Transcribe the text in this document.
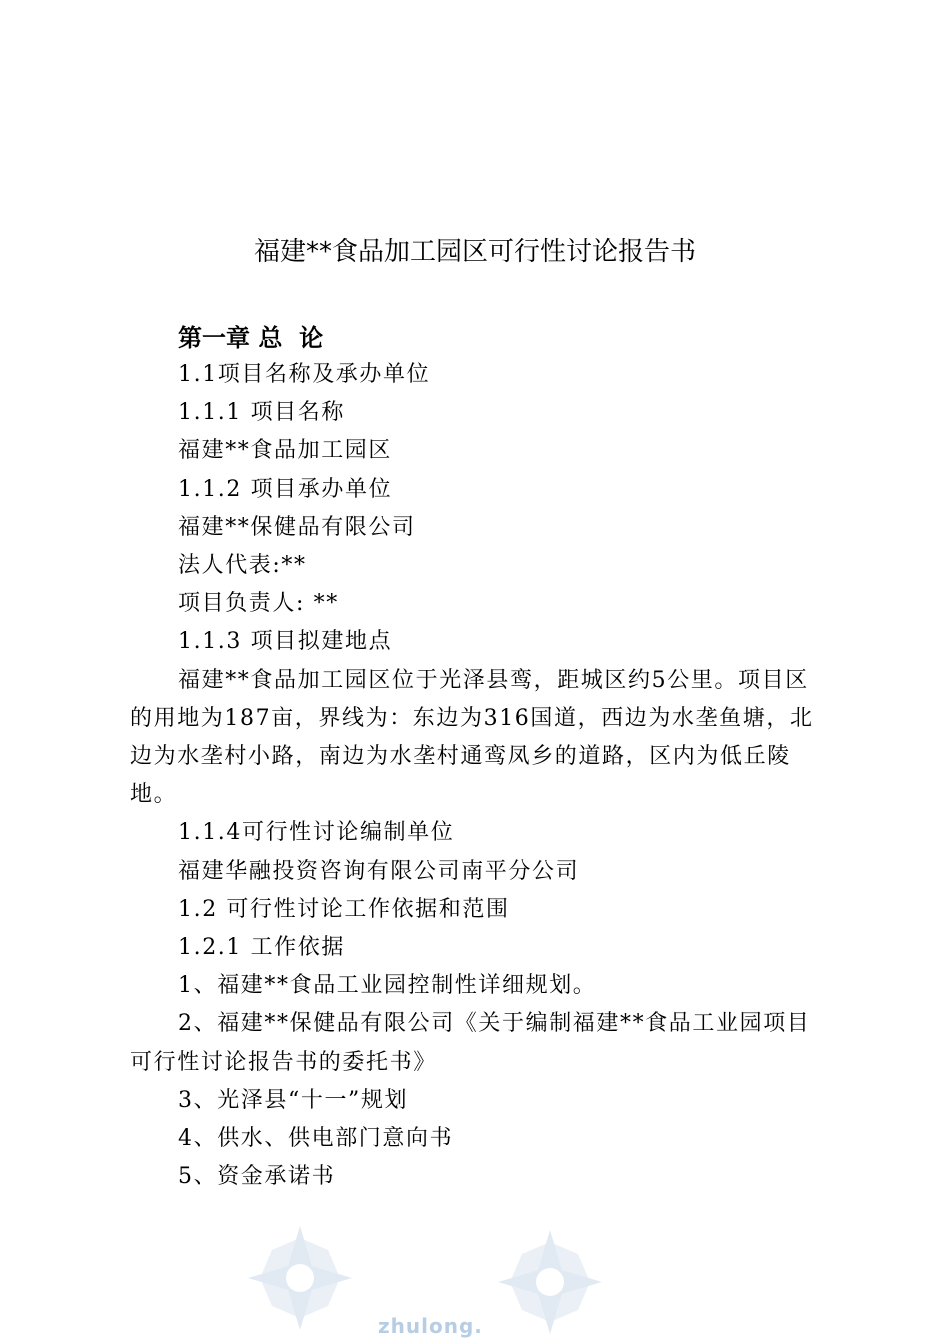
福建**食品加工园区可行性讨论报告书
第一章 总  论

1.1项目名称及承办单位

1.1.1 项目名称

福建**食品加工园区

1.1.2 项目承办单位

福建**保健品有限公司

法人代表:**

项目负责人: **

1.1.3 项目拟建地点

福建**食品加工园区位于光泽县鸾，距城区约5公里。项目区的用地为187亩，界线为：东边为316国道，西边为水垄鱼塘，北边为水垄村小路，南边为水垄村通鸾凤乡的道路，区内为低丘陵地。

1.1.4可行性讨论编制单位

福建华融投资咨询有限公司南平分公司

1.2 可行性讨论工作依据和范围

1.2.1 工作依据

1、福建**食品工业园控制性详细规划。

2、福建**保健品有限公司《关于编制福建**食品工业园项目可行性讨论报告书的委托书》

3、光泽县“十一”规划

4、供水、供电部门意向书

5、资金承诺书

zhulong.
